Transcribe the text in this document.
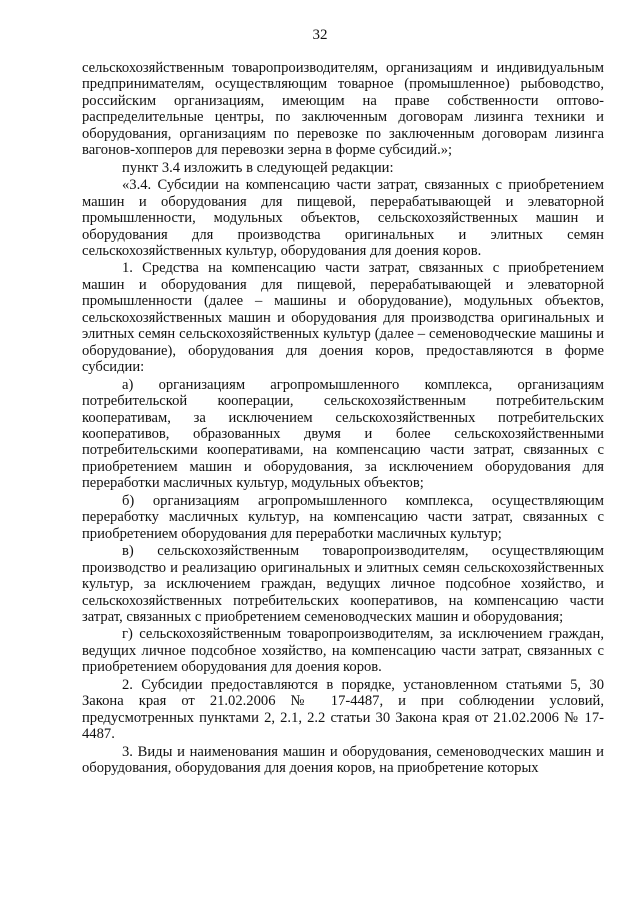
32

сельскохозяйственным товаропроизводителям, организациям и индивидуальным предпринимателям, осуществляющим товарное (промышленное) рыбоводство, российским организациям, имеющим на праве собственности оптово-распределительные центры, по заключенным договорам лизинга техники и оборудования, организациям по перевозке по заключенным договорам лизинга вагонов-хопперов для перевозки зерна в форме субсидий.»;

пункт 3.4 изложить в следующей редакции:

«3.4. Субсидии на компенсацию части затрат, связанных с приобретением машин и оборудования для пищевой, перерабатывающей и элеваторной промышленности, модульных объектов, сельскохозяйственных машин и оборудования для производства оригинальных и элитных семян сельскохозяйственных культур, оборудования для доения коров.

1. Средства на компенсацию части затрат, связанных с приобретением машин и оборудования для пищевой, перерабатывающей и элеваторной промышленности (далее – машины и оборудование), модульных объектов, сельскохозяйственных машин и оборудования для производства оригинальных и элитных семян сельскохозяйственных культур (далее – семеноводческие машины и оборудование), оборудования для доения коров, предоставляются в форме субсидии:

а) организациям агропромышленного комплекса, организациям потребительской кооперации, сельскохозяйственным потребительским кооперативам, за исключением сельскохозяйственных потребительских кооперативов, образованных двумя и более сельскохозяйственными потребительскими кооперативами, на компенсацию части затрат, связанных с приобретением машин и оборудования, за исключением оборудования для переработки масличных культур, модульных объектов;

б) организациям агропромышленного комплекса, осуществляющим переработку масличных культур, на компенсацию части затрат, связанных с приобретением оборудования для переработки масличных культур;

в) сельскохозяйственным товаропроизводителям, осуществляющим производство и реализацию оригинальных и элитных семян сельскохозяйственных культур, за исключением граждан, ведущих личное подсобное хозяйство, и сельскохозяйственных потребительских кооперативов, на компенсацию части затрат, связанных с приобретением семеноводческих машин и оборудования;

г) сельскохозяйственным товаропроизводителям, за исключением граждан, ведущих личное подсобное хозяйство, на компенсацию части затрат, связанных с приобретением оборудования для доения коров.

2. Субсидии предоставляются в порядке, установленном статьями 5, 30 Закона края от 21.02.2006 № 17-4487, и при соблюдении условий, предусмотренных пунктами 2, 2.1, 2.2 статьи 30 Закона края от 21.02.2006 № 17-4487.

3. Виды и наименования машин и оборудования, семеноводческих машин и оборудования, оборудования для доения коров, на приобретение которых
